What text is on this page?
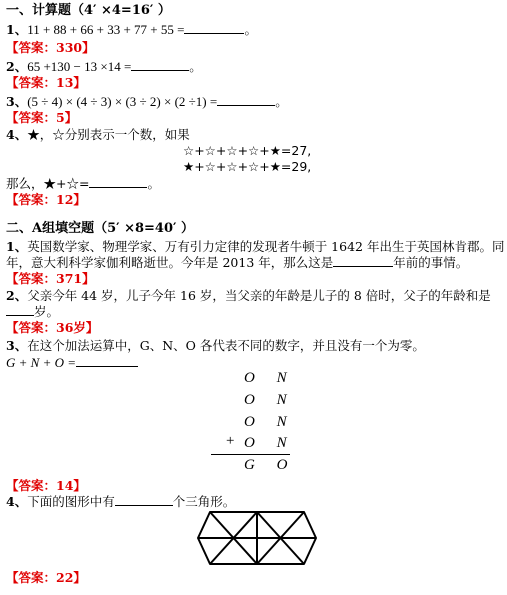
一、计算题（4′ ×4=16′ ）
1、11 + 88 + 66 + 33 + 77 + 55 =	。
【答案：330】
2、65 +130 − 13 ×14 =	。
【答案：13】
3、(5 ÷ 4) × (4 ÷ 3) × (3 ÷ 2) × (2 ÷1) =	。
【答案：5】
4、★，☆分别表示一个数，如果
☆+☆+☆+☆+★=27,
★+☆+☆+☆+★=29,
那么，★+☆=	。
【答案：12】
二、A组填空题（5′ ×8=40′ ）
1、英国数学家、物理学家、万有引力定律的发现者牛顿于 1642 年出生于英国林肯郡。同
年，意大利科学家伽利略逝世。今年是 2013 年，那么这是	年前的事情。
【答案：371】
2、父亲今年 44 岁，儿子今年 16 岁，当父亲的年龄是儿子的 8 倍时，父子的年龄和是
岁。
【答案：36岁】
3、在这个加法运算中，G、N、O 各代表不同的数字，并且没有一个为零。
G + N + O =
O N
O N
O N
O N
+
G O
【答案：14】
4、下面的图形中有	个三角形。
【答案：22】
